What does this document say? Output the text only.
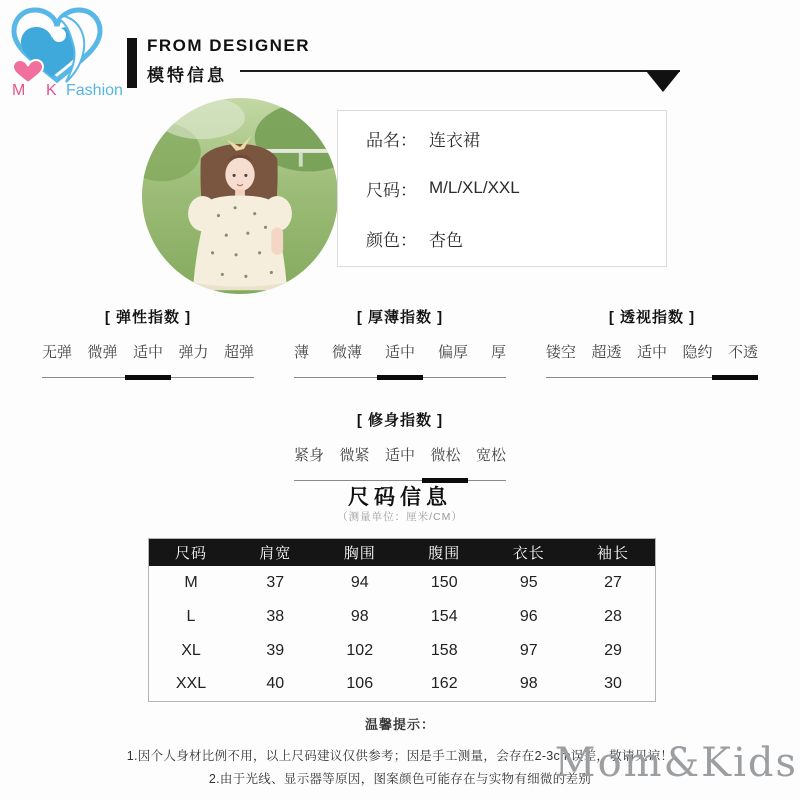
M K Fashion
FROM DESIGNER
模特信息
品名： 连衣裙
尺码： M/L/XL/XXL
颜色： 杏色
[ 弹性指数 ]
无弹 微弹 适中 弹力 超弹
[ 厚薄指数 ]
薄 微薄 适中 偏厚 厚
[ 透视指数 ]
镂空 超透 适中 隐约 不透
[ 修身指数 ]
紧身 微紧 适中 微松 宽松
尺码信息
（测量单位：厘米/CM）
尺码	肩宽	胸围	腹围	衣长	袖长
M	37	94	150	95	27
L	38	98	154	96	28
XL	39	102	158	97	29
XXL	40	106	162	98	30
温馨提示：
1.因个人身材比例不用，以上尺码建议仅供参考；因是手工测量，会存在2-3cm误差，敬请见谅！
2.由于光线、显示器等原因，图案颜色可能存在与实物有细微的差别
Mom&Kids
